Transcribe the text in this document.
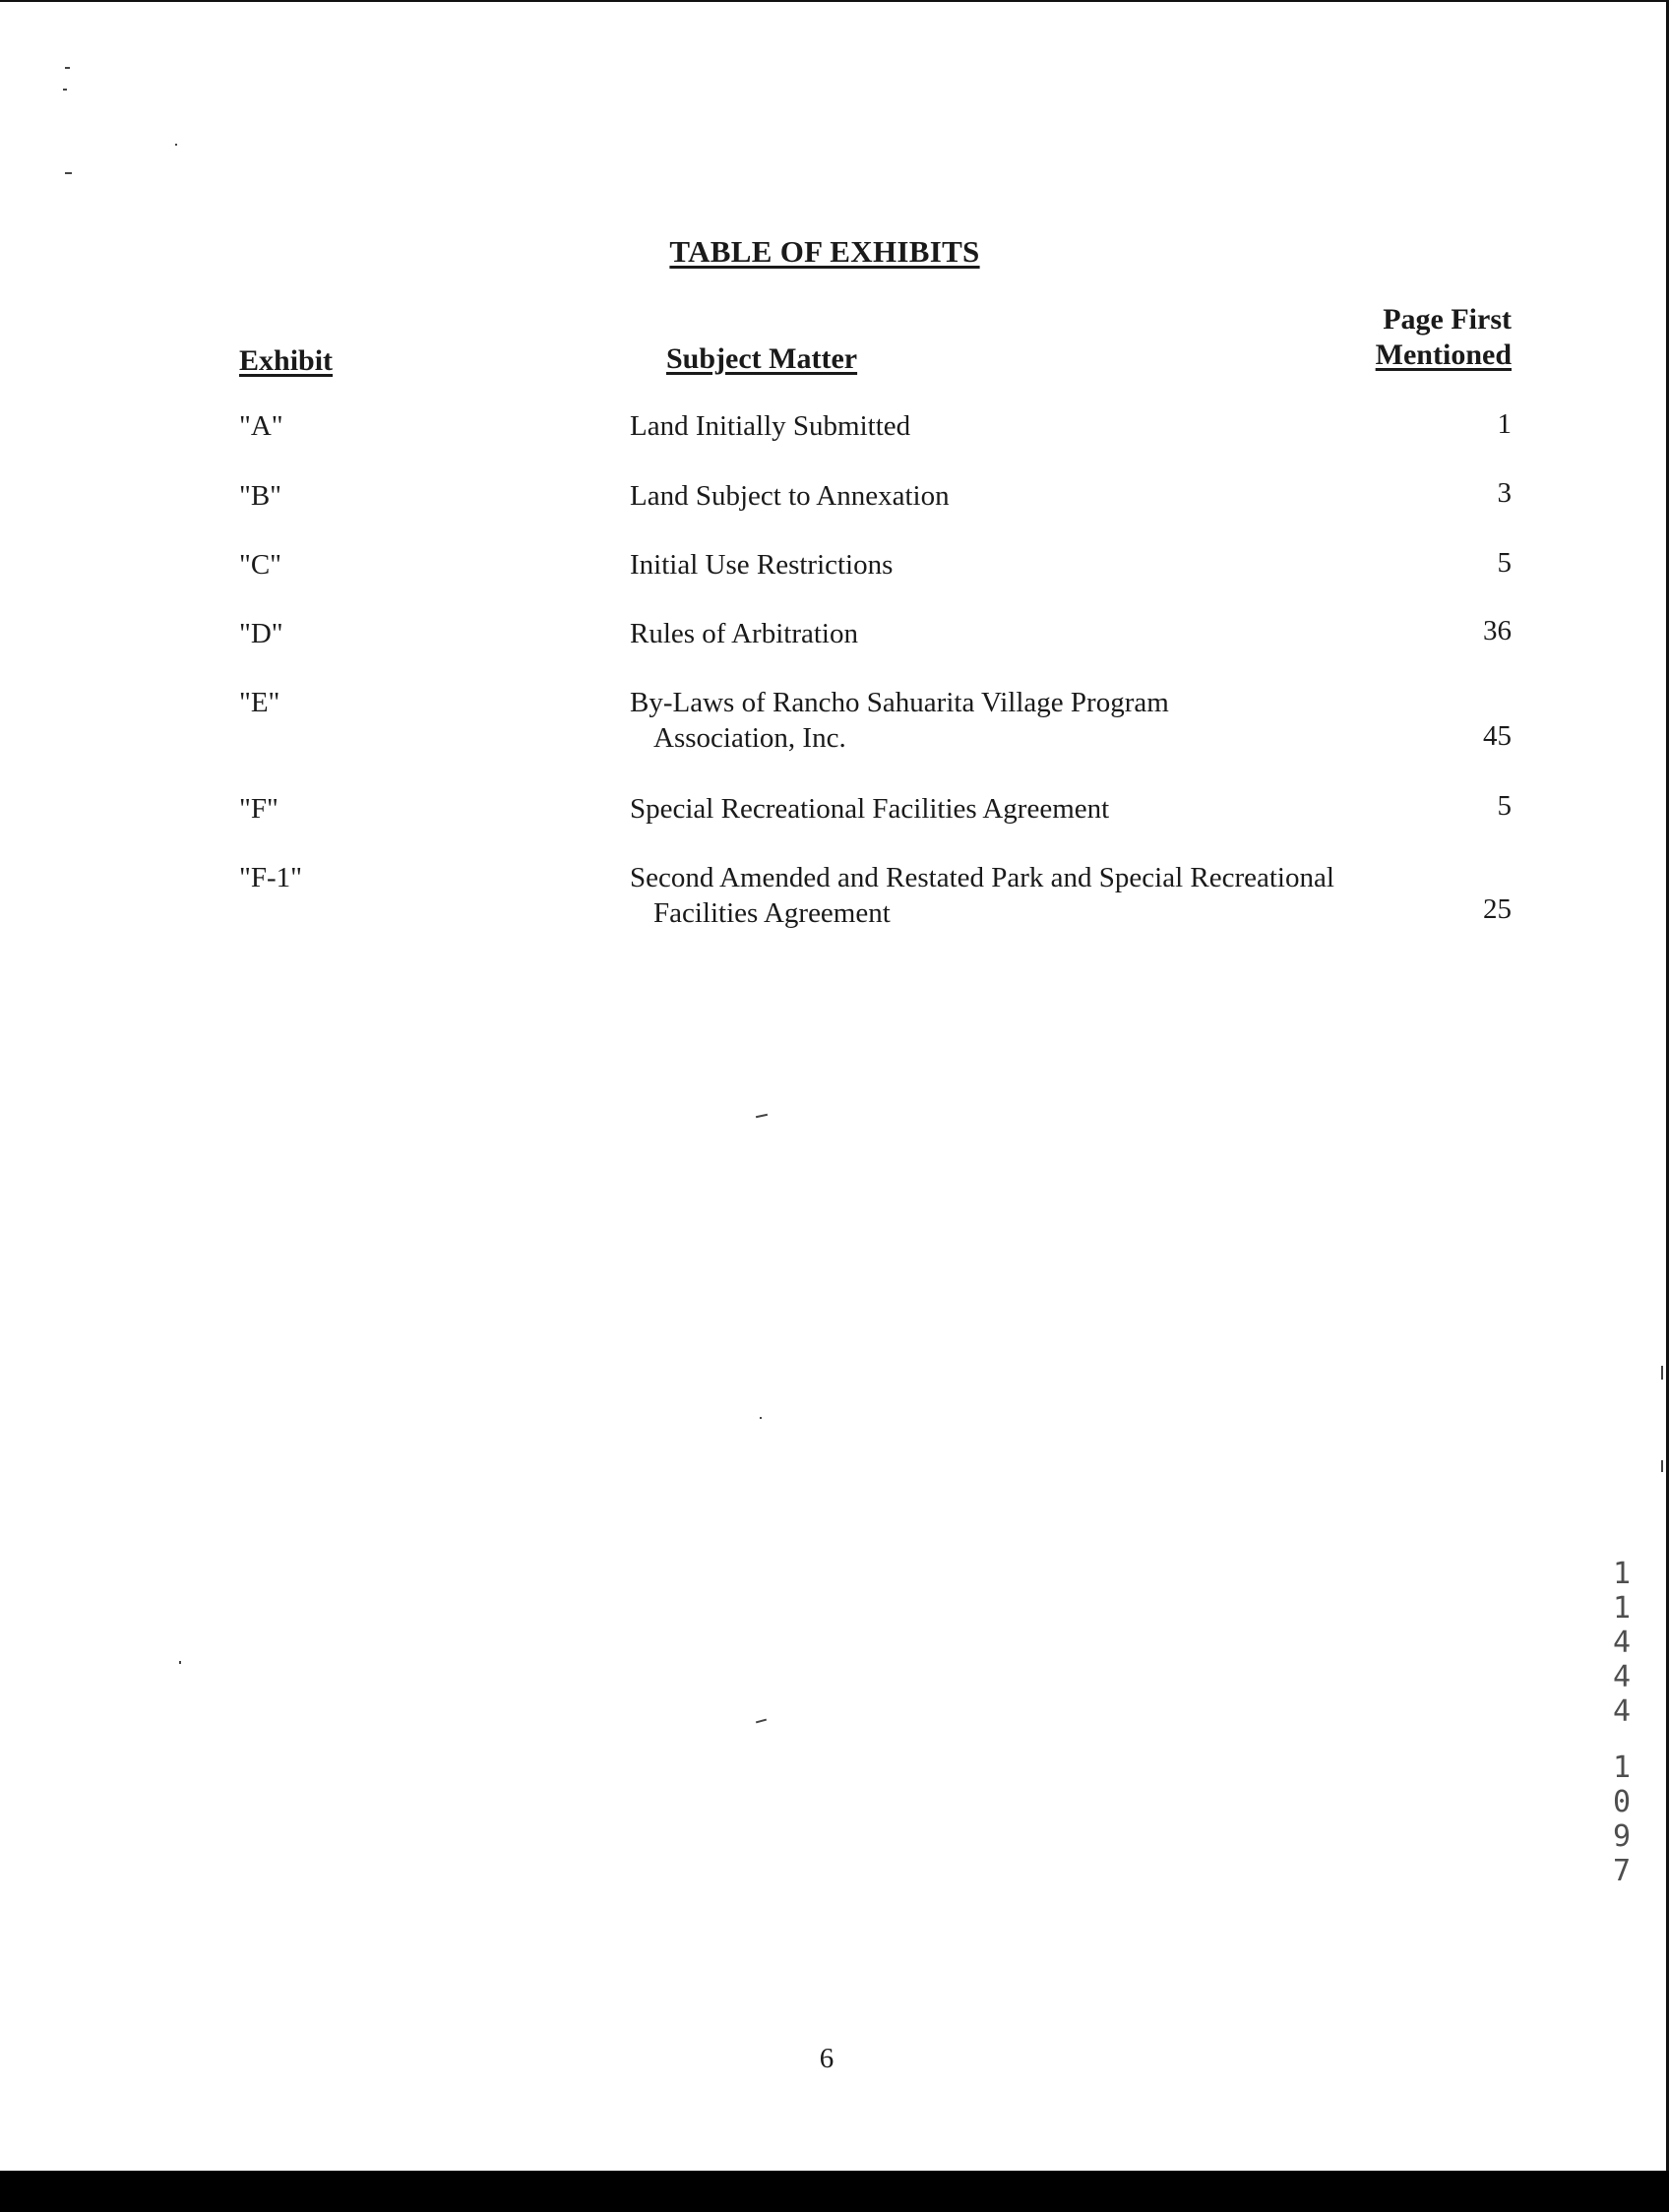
TABLE OF EXHIBITS
Exhibit	Subject Matter
Page First
Mentioned
"A"	Land Initially Submitted	1
"B"	Land Subject to Annexation	3
"C"	Initial Use Restrictions	5
"D"	Rules of Arbitration	36
"E"	By-Laws of Rancho Sahuarita Village Program
Association, Inc.	45
"F"	Special Recreational Facilities Agreement	5
"F-1"	Second Amended and Restated Park and Special Recreational
Facilities Agreement	25
6
1
1
4
4
4
1
0
9
7
